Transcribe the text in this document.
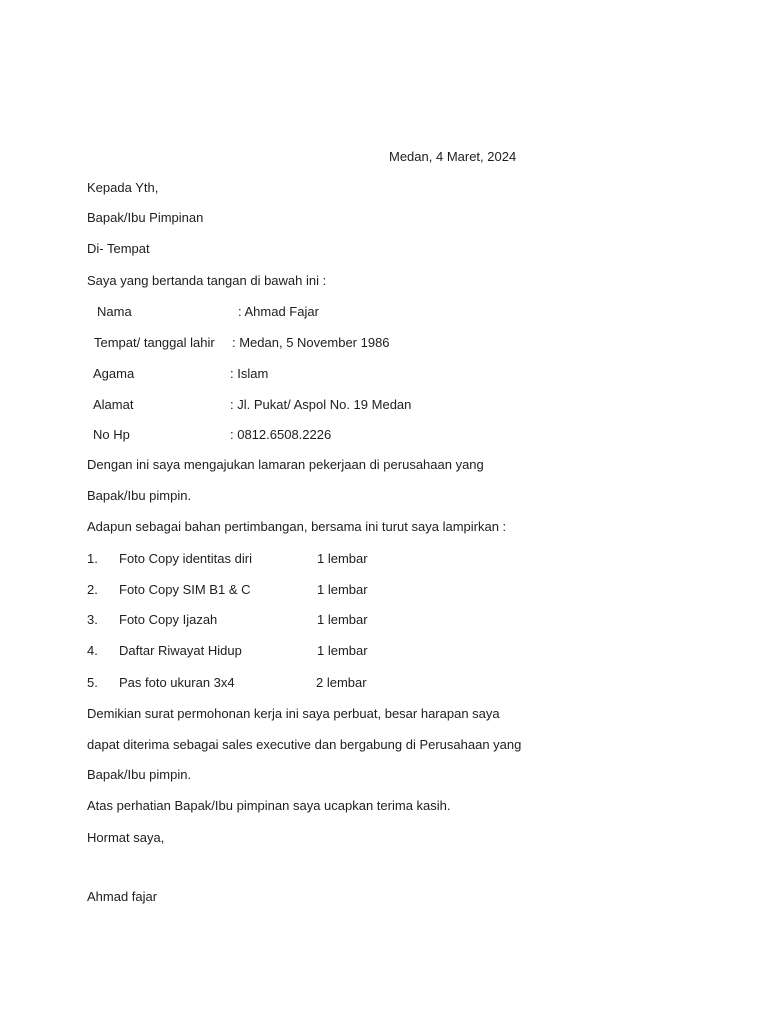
Medan, 4 Maret, 2024
Kepada Yth,
Bapak/Ibu Pimpinan
Di- Tempat
Saya yang bertanda tangan di bawah ini :
Nama	: Ahmad Fajar
Tempat/ tanggal lahir : Medan, 5 November 1986
Agama	: Islam
Alamat	: Jl. Pukat/ Aspol No. 19 Medan
No Hp	: 0812.6508.2226
Dengan ini saya mengajukan lamaran pekerjaan di perusahaan yang
Bapak/Ibu pimpin.
Adapun sebagai bahan pertimbangan, bersama ini turut saya lampirkan :
1. Foto Copy identitas diri	1 lembar
2. Foto Copy SIM B1 & C	1 lembar
3. Foto Copy Ijazah	1 lembar
4. Daftar Riwayat Hidup	1 lembar
5. Pas foto ukuran 3x4	2 lembar
Demikian surat permohonan kerja ini saya perbuat, besar harapan saya
dapat diterima sebagai sales executive dan bergabung di Perusahaan yang
Bapak/Ibu pimpin.
Atas perhatian Bapak/Ibu pimpinan saya ucapkan terima kasih.
Hormat saya,
Ahmad fajar
